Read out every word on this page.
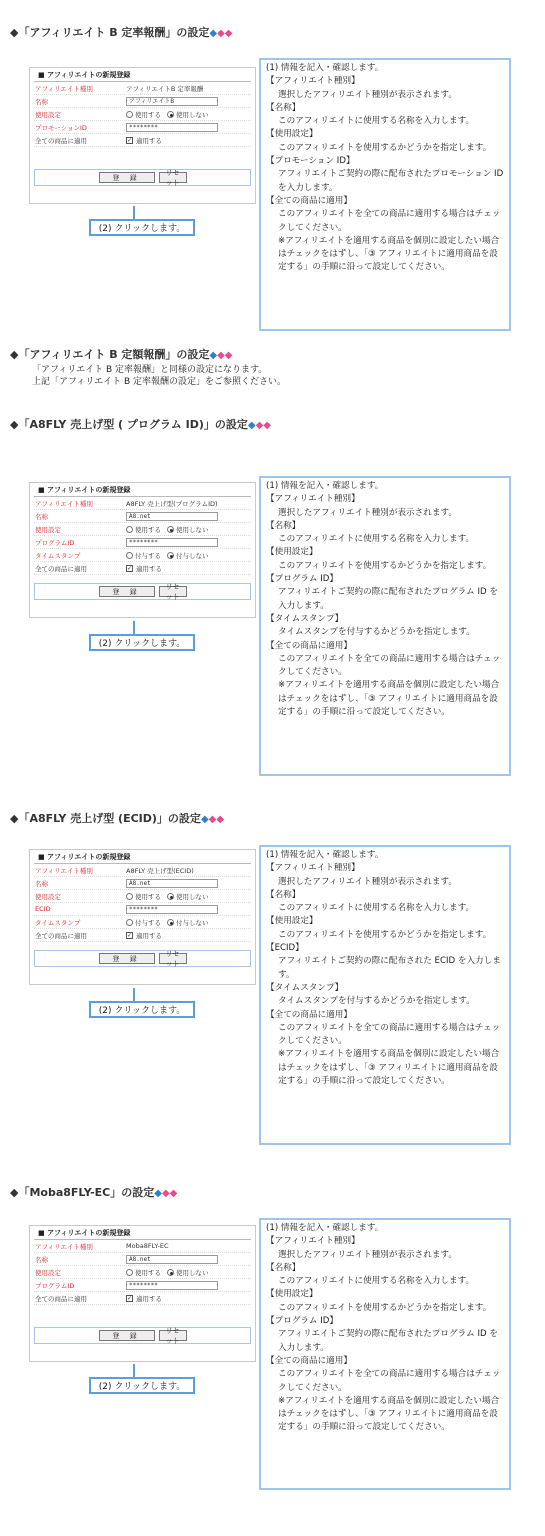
◆「アフィリエイト B 定率報酬」の設定◆◆◆
■ アフィリエイトの新規登録
アフィリエイト種別	アフィリエイトB 定率報酬
名称	アフィリエイトB
使用設定	使用する	使用しない
プロモーションID	********
全ての商品に適用	✓ 適用する
登 録
リセット
(2) クリックします。
(1) 情報を記入・確認します。
【アフィリエイト種別】
選択したアフィリエイト種別が表示されます。
【名称】
このアフィリエイトに使用する名称を入力します。
【使用設定】
このアフィリエイトを使用するかどうかを指定します。
【プロモーション ID】
アフィリエイトご契約の際に配布されたプロモーション ID を入力します。
【全ての商品に適用】
このアフィリエイトを全ての商品に適用する場合はチェックしてください。
※アフィリエイトを適用する商品を個別に設定したい場合はチェックをはずし、「③ アフィリエイトに適用商品を設定する」の手順に沿って設定してください。
◆「アフィリエイト B 定額報酬」の設定◆◆◆
「アフィリエイト B 定率報酬」と同様の設定になります。
上記「アフィリエイト B 定率報酬の設定」をご参照ください。
◆「A8FLY 売上げ型 ( プログラム ID)」の設定◆◆◆
■ アフィリエイトの新規登録
アフィリエイト種別	A8FLY 売上げ型(プログラムID)
名称	A8.net
使用設定	使用する	使用しない
プログラムID	********
タイムスタンプ	付与する	付与しない
全ての商品に適用	✓ 適用する
登 録
リセット
(2) クリックします。
(1) 情報を記入・確認します。
【アフィリエイト種別】
選択したアフィリエイト種別が表示されます。
【名称】
このアフィリエイトに使用する名称を入力します。
【使用設定】
このアフィリエイトを使用するかどうかを指定します。
【プログラム ID】
アフィリエイトご契約の際に配布されたプログラム ID を入力します。
【タイムスタンプ】
タイムスタンプを付与するかどうかを指定します。
【全ての商品に適用】
このアフィリエイトを全ての商品に適用する場合はチェックしてください。
※アフィリエイトを適用する商品を個別に設定したい場合はチェックをはずし、「③ アフィリエイトに適用商品を設定する」の手順に沿って設定してください。
◆「A8FLY 売上げ型 (ECID)」の設定◆◆◆
■ アフィリエイトの新規登録
アフィリエイト種別	A8FLY 売上げ型(ECID)
名称	A8.net
使用設定	使用する	使用しない
ECID	********
タイムスタンプ	付与する	付与しない
全ての商品に適用	✓ 適用する
登 録
リセット
(2) クリックします。
(1) 情報を記入・確認します。
【アフィリエイト種別】
選択したアフィリエイト種別が表示されます。
【名称】
このアフィリエイトに使用する名称を入力します。
【使用設定】
このアフィリエイトを使用するかどうかを指定します。
【ECID】
アフィリエイトご契約の際に配布された ECID を入力します。
【タイムスタンプ】
タイムスタンプを付与するかどうかを指定します。
【全ての商品に適用】
このアフィリエイトを全ての商品に適用する場合はチェックしてください。
※アフィリエイトを適用する商品を個別に設定したい場合はチェックをはずし、「③ アフィリエイトに適用商品を設定する」の手順に沿って設定してください。
◆「Moba8FLY-EC」の設定◆◆◆
■ アフィリエイトの新規登録
アフィリエイト種別	Moba8FLY-EC
名称	A8.net
使用設定	使用する	使用しない
プログラムID	********
全ての商品に適用	✓ 適用する
登 録
リセット
(2) クリックします。
(1) 情報を記入・確認します。
【アフィリエイト種別】
選択したアフィリエイト種別が表示されます。
【名称】
このアフィリエイトに使用する名称を入力します。
【使用設定】
このアフィリエイトを使用するかどうかを指定します。
【プログラム ID】
アフィリエイトご契約の際に配布されたプログラム ID を入力します。
【全ての商品に適用】
このアフィリエイトを全ての商品に適用する場合はチェックしてください。
※アフィリエイトを適用する商品を個別に設定したい場合はチェックをはずし、「③ アフィリエイトに適用商品を設定する」の手順に沿って設定してください。
